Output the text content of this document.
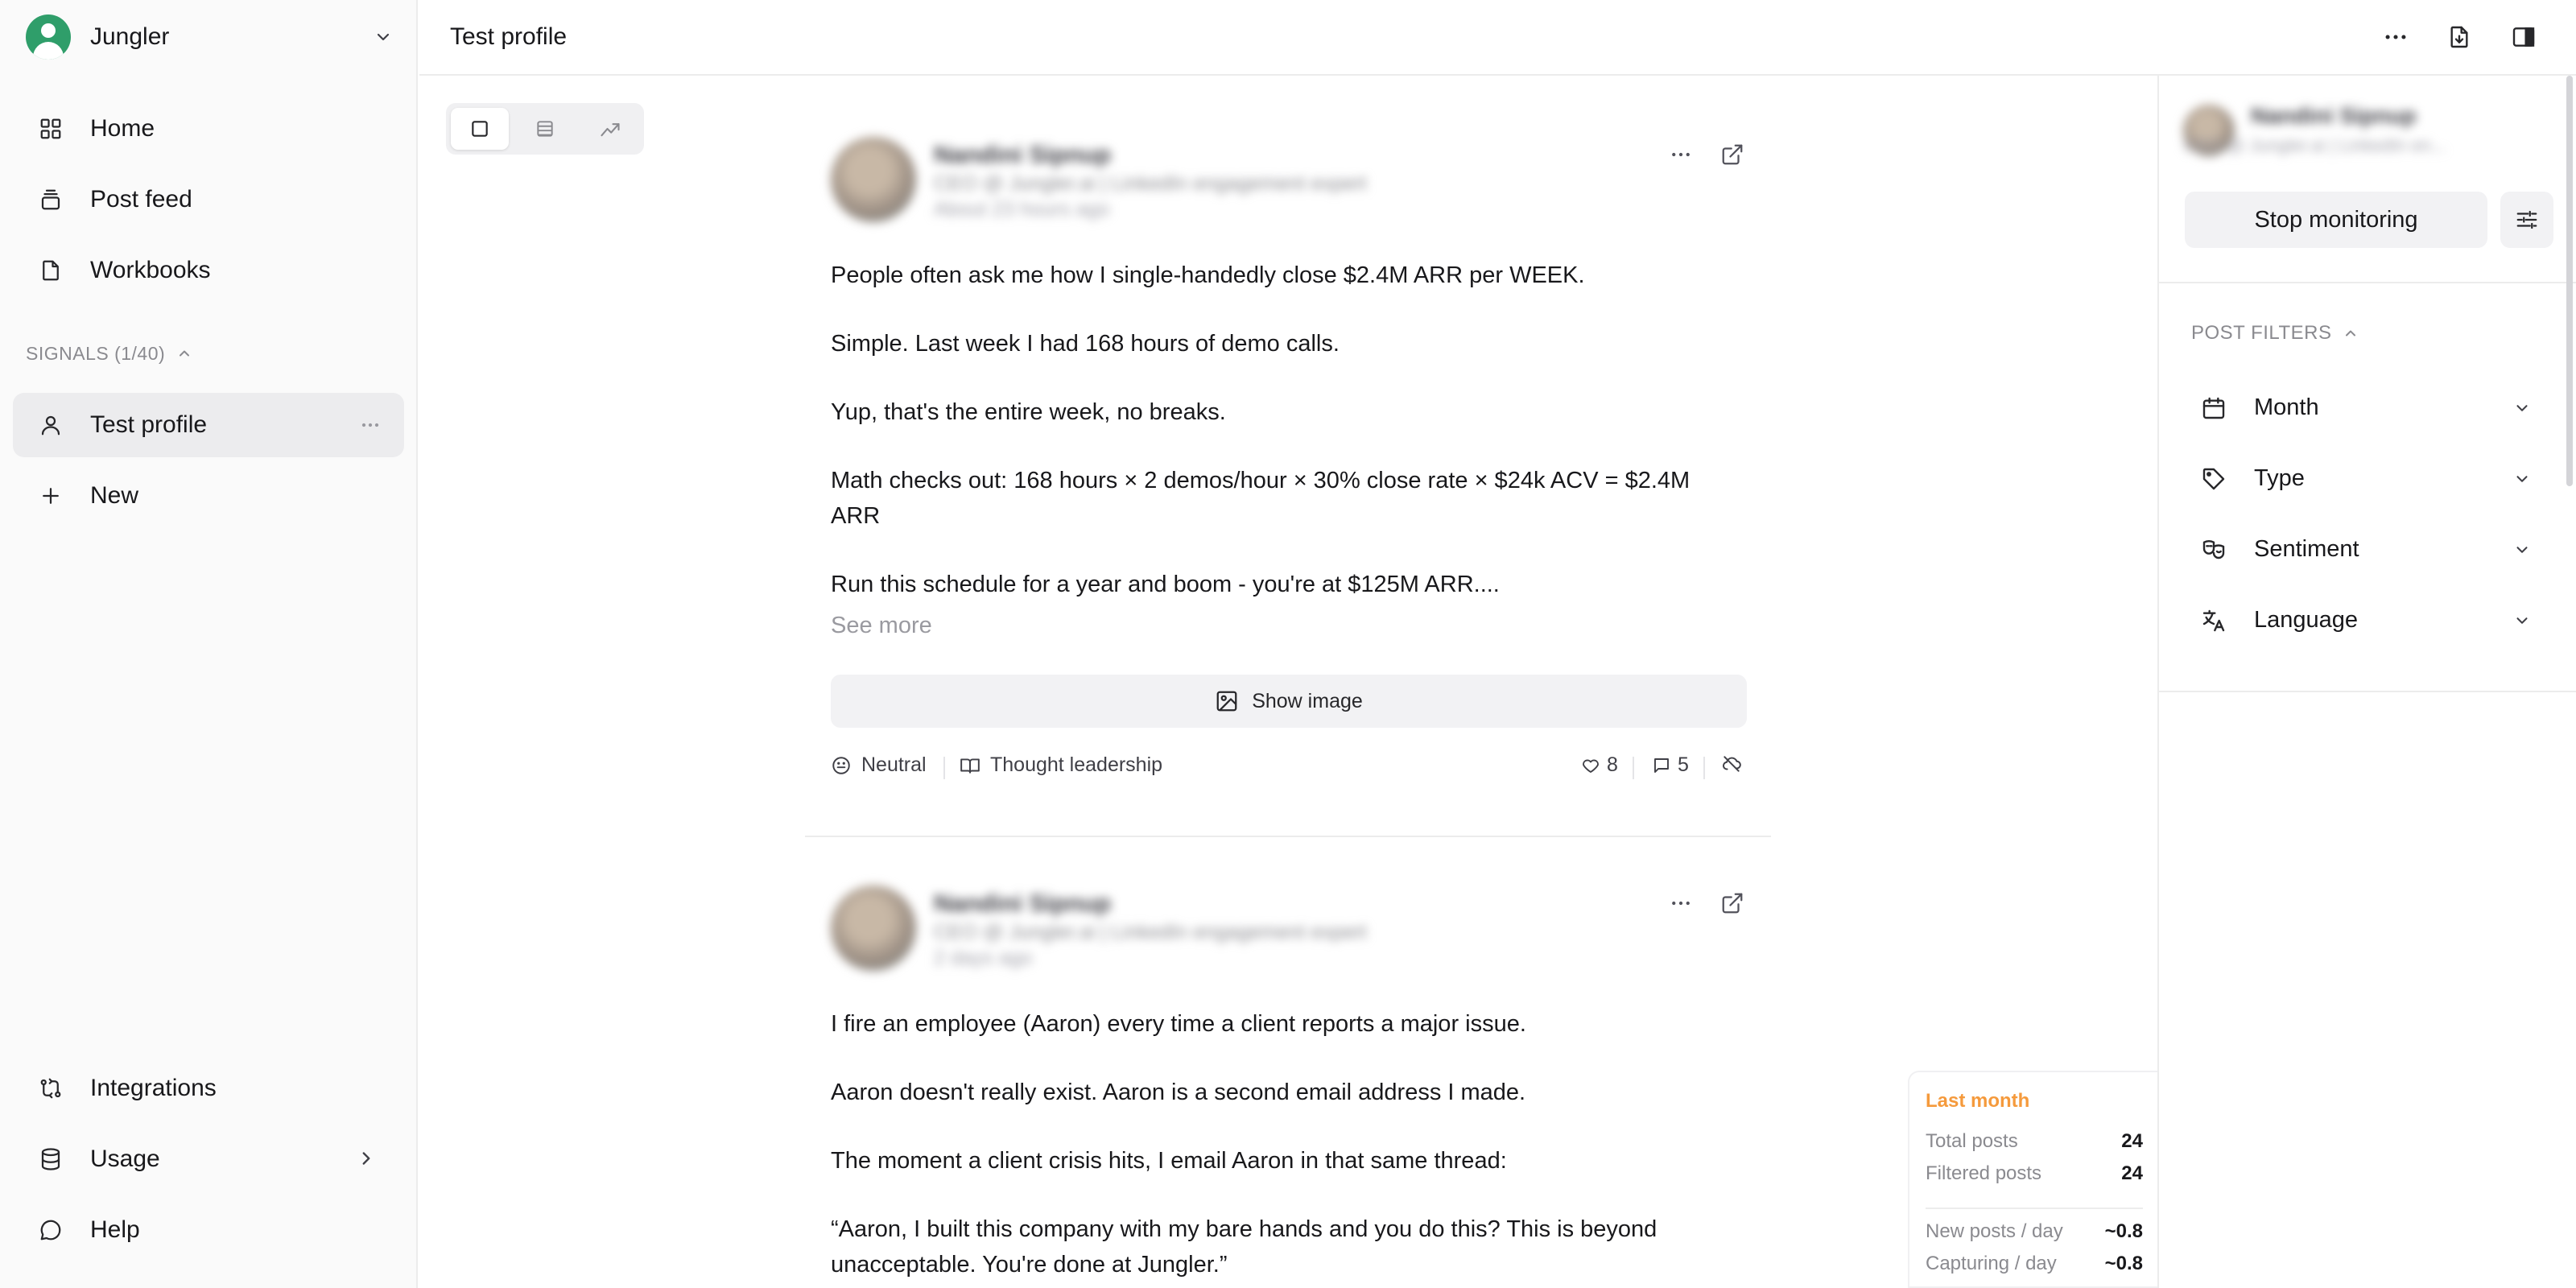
Jungler
Home
Post feed
Workbooks
SIGNALS (1/40)
Test profile
New
Integrations
Usage
Help
Test profile
Nandini Sipnup
CEO @ Jungler.ai | LinkedIn engagement expert
About 23 hours ago

People often ask me how I single-handedly close $2.4M ARR per WEEK.

Simple. Last week I had 168 hours of demo calls.

Yup, that's the entire week, no breaks.

Math checks out: 168 hours × 2 demos/hour × 30% close rate × $24k ACV = $2.4M ARR

Run this schedule for a year and boom - you're at $125M ARR....

See more
Show image
Neutral	Thought leadership	8	5
Nandini Sipnup
CEO @ Jungler.ai | LinkedIn engagement expert
2 days ago

I fire an employee (Aaron) every time a client reports a major issue.

Aaron doesn't really exist. Aaron is a second email address I made.

The moment a client crisis hits, I email Aaron in that same thread:

“Aaron, I built this company with my bare hands and you do this? This is beyond unacceptable. You're done at Jungler.”

Last month
Total posts	24
Filtered posts	24
New posts / day ~0.8
Capturing / day ~0.8
Nandini Sipnup
CEO @ Jungler.ai | LinkedIn en...
Stop monitoring
POST FILTERS
Month
Type
Sentiment
Language
